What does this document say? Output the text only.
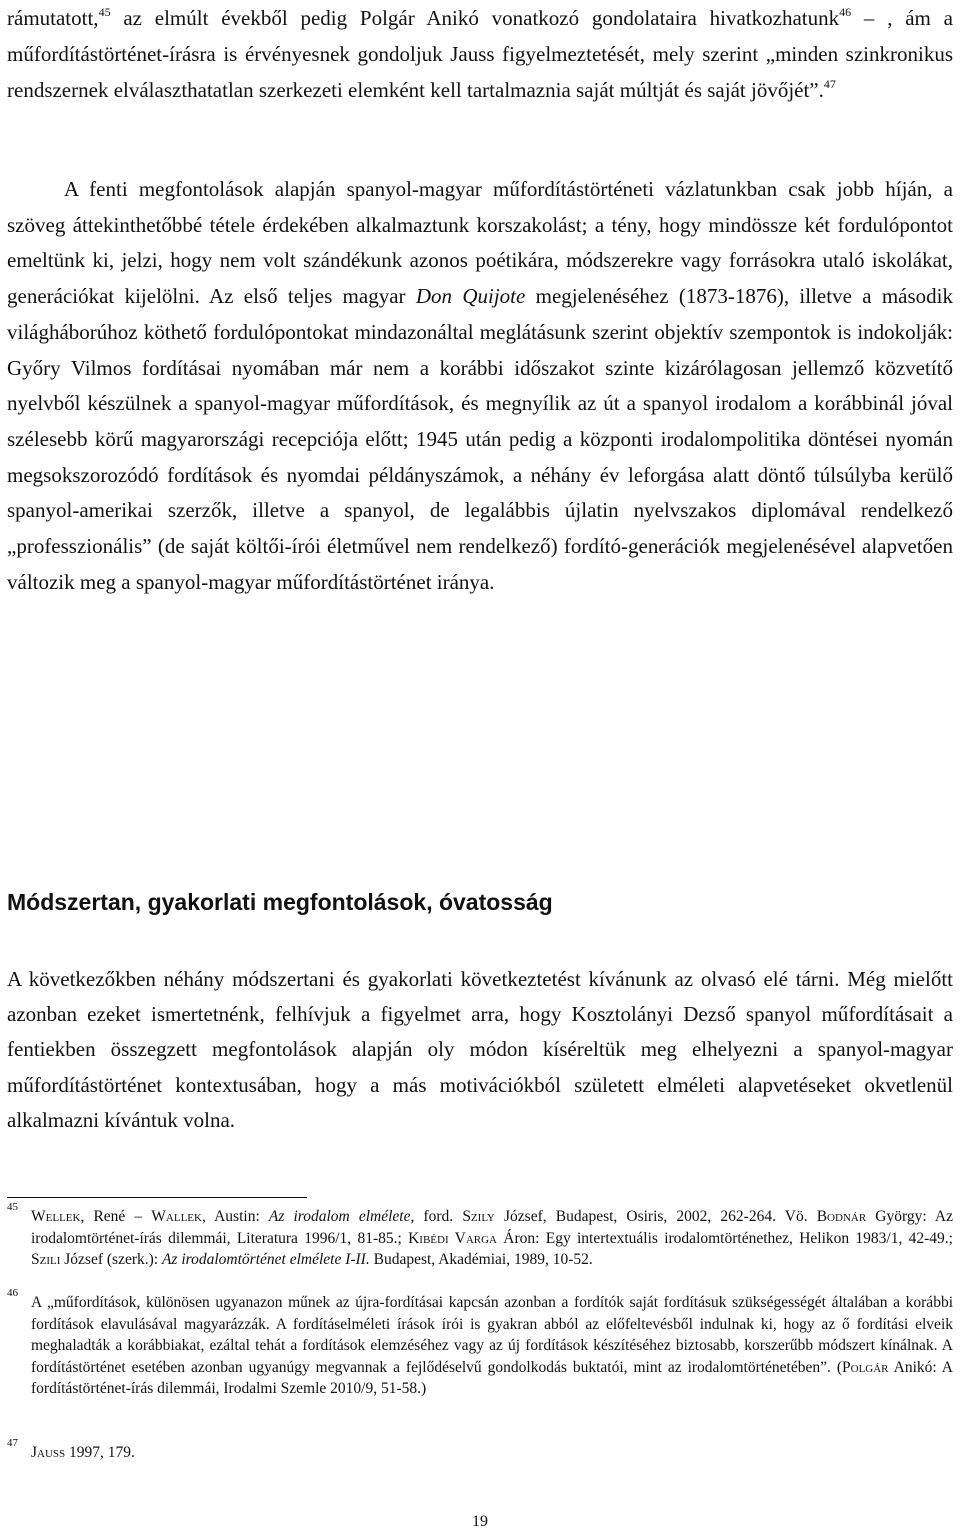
rámutatott,$^{45}$ az elmúlt évekből pedig Polgár Anikó vonatkozó gondolataira hivatkozhatunk$^{46}$ – , ám a műfordítástörténet-írásra is érvényesnek gondoljuk Jauss figyelmeztetését, mely szerint „minden szinkronikus rendszernek elválaszthatatlan szerkezeti elemként kell tartalmaznia saját múltját és saját jövőjét”.$^{47}$
A fenti megfontolások alapján spanyol-magyar műfordítástörténeti vázlatunkban csak jobb híján, a szöveg áttekinthetőbbé tétele érdekében alkalmaztunk korszakolást; a tény, hogy mindössze két fordulópontot emeltünk ki, jelzi, hogy nem volt szándékunk azonos poétikára, módszerekre vagy forrásokra utaló iskolákat, generációkat kijelölni. Az első teljes magyar Don Quijote megjelenéséhez (1873-1876), illetve a második világháborúhoz köthető fordulópontokat mindazonáltal meglátásunk szerint objektív szempontok is indokolják: Győry Vilmos fordításai nyomában már nem a korábbi időszakot szinte kizárólagosan jellemző közvetítő nyelvből készülnek a spanyol-magyar műfordítások, és megnyílik az út a spanyol irodalom a korábbinál jóval szélesebb körű magyarországi recepciója előtt; 1945 után pedig a központi irodalompolitika döntései nyomán megsokszorozódó fordítások és nyomdai példányszámok, a néhány év leforgása alatt döntő túlsúlyba kerülő spanyol-amerikai szerzők, illetve a spanyol, de legalábbis újlatin nyelvszakos diplomával rendelkező „professzionális” (de saját költői-írói életművel nem rendelkező) fordító-generációk megjelenésével alapvetően változik meg a spanyol-magyar műfordítástörténet iránya.
Módszertan, gyakorlati megfontolások, óvatosság
A következőkben néhány módszertani és gyakorlati következtetést kívánunk az olvasó elé tárni. Még mielőtt azonban ezeket ismertetnénk, felhívjuk a figyelmet arra, hogy Kosztolányi Dezső spanyol műfordításait a fentiekben összegzett megfontolások alapján oly módon kíséreltük meg elhelyezni a spanyol-magyar műfordítástörténet kontextusában, hogy a más motivációkból született elméleti alapvetéseket okvetlenül alkalmazni kívántuk volna.
45
Wellek, René – Wallek, Austin: Az irodalom elmélete, ford. Szily József, Budapest, Osiris, 2002, 262-264. Vö. Bodnár György: Az irodalomtörténet-írás dilemmái, Literatura 1996/1, 81-85.; Kibédi Varga Áron: Egy intertextuális irodalomtörténethez, Helikon 1983/1, 42-49.; Szili József (szerk.): Az irodalomtörténet elmélete I-II. Budapest, Akadémiai, 1989, 10-52.
46
A „műfordítások, különösen ugyanazon műnek az újra-fordításai kapcsán azonban a fordítók saját fordításuk szükségességét általában a korábbi fordítások elavulásával magyarázzák. A fordításelméleti írások írói is gyakran abból az előfeltevésből indulnak ki, hogy az ő fordítási elveik meghaladták a korábbiakat, ezáltal tehát a fordítások elemzéséhez vagy az új fordítások készítéséhez biztosabb, korszerűbb módszert kínálnak. A fordítástörténet esetében azonban ugyanúgy megvannak a fejlődéselvű gondolkodás buktatói, mint az irodalomtörténetében”. (Polgár Anikó: A fordítástörténet-írás dilemmái, Irodalmi Szemle 2010/9, 51-58.)
47
Jauss 1997, 179.
19
